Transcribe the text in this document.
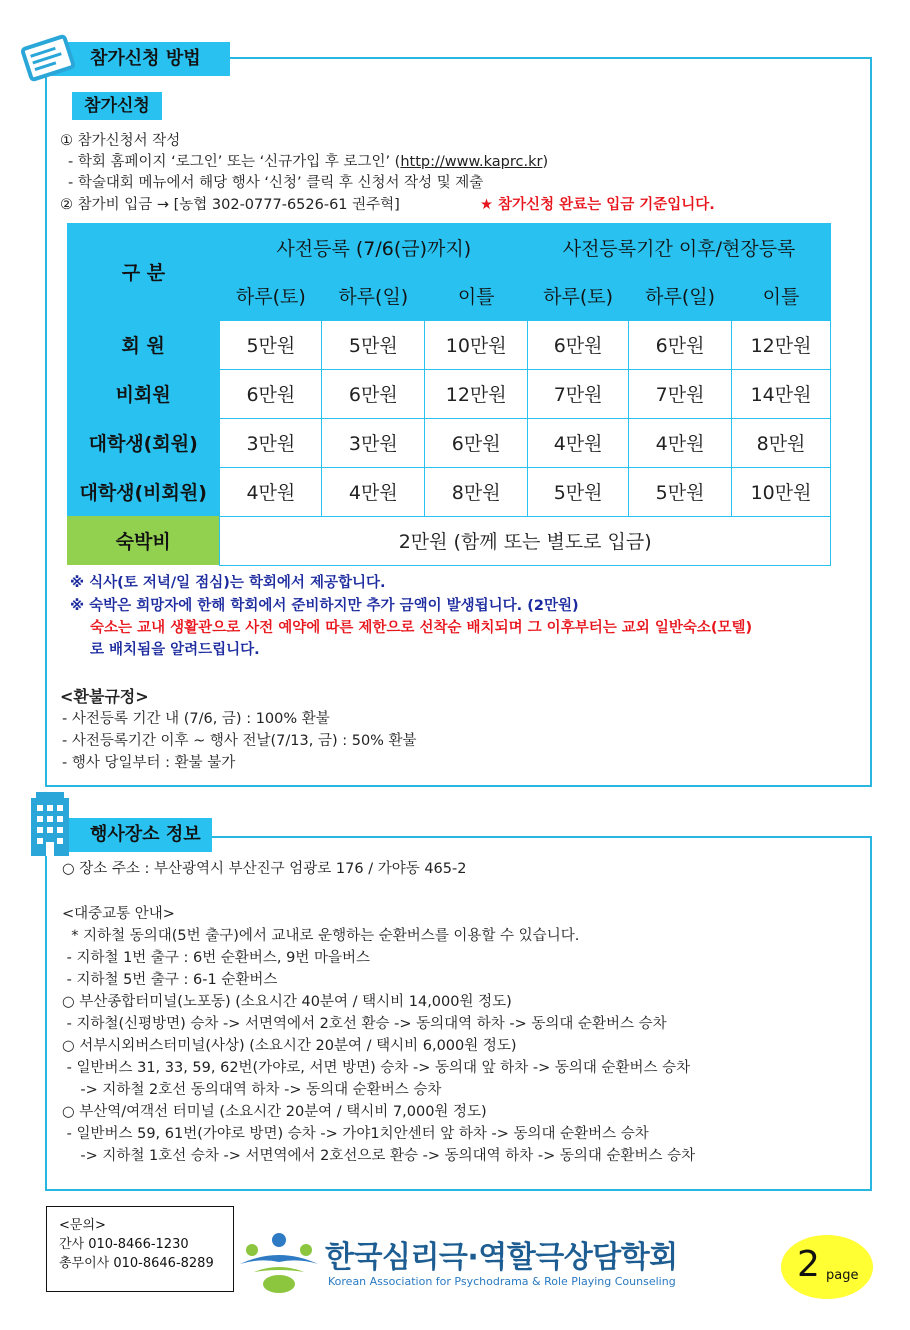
참가신청 방법
참가신청
① 참가신청서 작성
- 학회 홈페이지 ‘로그인’ 또는 ‘신규가입 후 로그인’ (http://www.kaprc.kr)
- 학술대회 메뉴에서 해당 행사 ‘신청’ 클릭 후 신청서 작성 및 제출
② 참가비 입금 → [농협 302-0777-6526-61 권주혁]	★ 참가신청 완료는 입금 기준입니다.
구 분	사전등록 (7/6(금)까지)			사전등록기간 이후/현장등록		
	하루(토)	하루(일)	이틀	하루(토)	하루(일)	이틀
회 원	5만원	5만원	10만원	6만원	6만원	12만원
비회원	6만원	6만원	12만원	7만원	7만원	14만원
대학생(회원)	3만원	3만원	6만원	4만원	4만원	8만원
대학생(비회원)	4만원	4만원	8만원	5만원	5만원	10만원
숙박비	2만원 (함께 또는 별도로 입금)					
※ 식사(토 저녁/일 점심)는 학회에서 제공합니다.
※ 숙박은 희망자에 한해 학회에서 준비하지만 추가 금액이 발생됩니다. (2만원)
숙소는 교내 생활관으로 사전 예약에 따른 제한으로 선착순 배치되며 그 이후부터는 교외 일반숙소(모텔)
로 배치됨을 알려드립니다.
<환불규정>
- 사전등록 기간 내 (7/6, 금) : 100% 환불
- 사전등록기간 이후 ~ 행사 전날(7/13, 금) : 50% 환불
- 행사 당일부터 : 환불 불가
행사장소 정보
○ 장소 주소 : 부산광역시 부산진구 엄광로 176 / 가야동 465-2
<대중교통 안내>
* 지하철 동의대(5번 출구)에서 교내로 운행하는 순환버스를 이용할 수 있습니다.
- 지하철 1번 출구 : 6번 순환버스, 9번 마을버스
- 지하철 5번 출구 : 6-1 순환버스
○ 부산종합터미널(노포동) (소요시간 40분여 / 택시비 14,000원 정도)
- 지하철(신평방면) 승차 -> 서면역에서 2호선 환승 -> 동의대역 하차 -> 동의대 순환버스 승차
○ 서부시외버스터미널(사상) (소요시간 20분여 / 택시비 6,000원 정도)
- 일반버스 31, 33, 59, 62번(가야로, 서면 방면) 승차 -> 동의대 앞 하차 -> 동의대 순환버스 승차
-> 지하철 2호선 동의대역 하차 -> 동의대 순환버스 승차
○ 부산역/여객선 터미널 (소요시간 20분여 / 택시비 7,000원 정도)
- 일반버스 59, 61번(가야로 방면) 승차 -> 가야1치안센터 앞 하차 -> 동의대 순환버스 승차
-> 지하철 1호선 승차 -> 서면역에서 2호선으로 환승 -> 동의대역 하차 -> 동의대 순환버스 승차
<문의>
간사 010-8466-1230
총무이사 010-8646-8289	한국심리극·역할극상담학회
Korean Association for Psychodrama & Role Playing Counseling	2 page
